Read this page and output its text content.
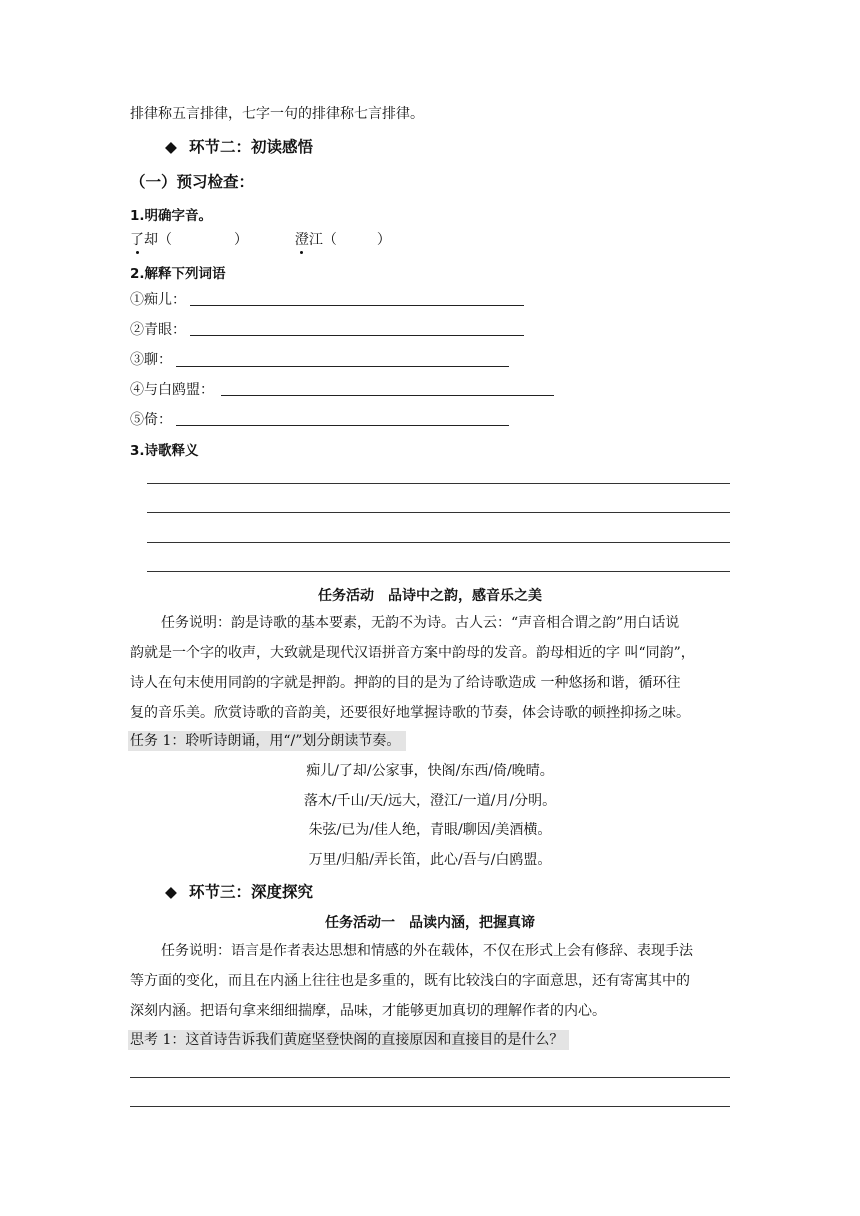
排律称五言排律，七字一句的排律称七言排律。
◆ 环节二：初读感悟
（一）预习检查：
1.明确字音。
了却（	）	澄江（	）
2.解释下列词语
①痴儿：
②青眼：
③聊：
④与白鸥盟：
⑤倚：
3.诗歌释义
任务活动　品诗中之韵，感音乐之美
任务说明：韵是诗歌的基本要素，无韵不为诗。古人云：“声音相合谓之韵”用白话说
韵就是一个字的收声，大致就是现代汉语拼音方案中韵母的发音。韵母相近的字 叫“同韵”，
诗人在句末使用同韵的字就是押韵。押韵的目的是为了给诗歌造成 一种悠扬和谐，循环往
复的音乐美。欣赏诗歌的音韵美，还要很好地掌握诗歌的节奏，体会诗歌的顿挫抑扬之味。
任务 1：聆听诗朗诵，用“/”划分朗读节奏。
痴儿/了却/公家事，快阁/东西/倚/晚晴。
落木/千山/天/远大，澄江/一道/月/分明。
朱弦/已为/佳人绝，青眼/聊因/美酒横。
万里/归船/弄长笛，此心/吾与/白鸥盟。
◆ 环节三：深度探究
任务活动一　品读内涵，把握真谛
任务说明：语言是作者表达思想和情感的外在载体，不仅在形式上会有修辞、表现手法
等方面的变化，而且在内涵上往往也是多重的，既有比较浅白的字面意思，还有寄寓其中的
深刻内涵。把语句拿来细细揣摩，品味，才能够更加真切的理解作者的内心。
思考 1：这首诗告诉我们黄庭坚登快阁的直接原因和直接目的是什么？
